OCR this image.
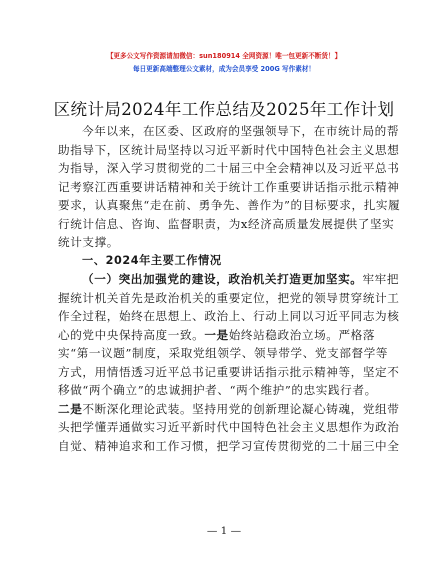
【更多公文写作资源请加微信：sun180914 全网资源！唯一包更新不断货！】
每日更新高端整理公文素材，成为会员享受 200G 写作素材！
区统计局2024年工作总结及2025年工作计划
今年以来，在区委、区政府的坚强领导下，在市统计局的帮
助指导下，区统计局坚持以习近平新时代中国特色社会主义思想
为指导，深入学习贯彻党的二十届三中全会精神以及习近平总书
记考察江西重要讲话精神和关于统计工作重要讲话指示批示精神
要求，认真聚焦“走在前、勇争先、善作为”的目标要求，扎实履
行统计信息、咨询、监督职责，为x经济高质量发展提供了坚实
统计支撑。
一、2024年主要工作情况
（一）突出加强党的建设，政治机关打造更加坚实。牢牢把
握统计机关首先是政治机关的重要定位，把党的领导贯穿统计工
作全过程，始终在思想上、政治上、行动上同以习近平同志为核
心的党中央保持高度一致。一是始终站稳政治立场。严格落
实“第一议题”制度，采取党组领学、领导带学、党支部督学等
方式，用情悟透习近平总书记重要讲话指示批示精神等，坚定不
移做“两个确立”的忠诚拥护者、“两个维护”的忠实践行者。
二是不断深化理论武装。坚持用党的创新理论凝心铸魂，党组带
头把学懂弄通做实习近平新时代中国特色社会主义思想作为政治
自觉、精神追求和工作习惯，把学习宣传贯彻党的二十届三中全
— 1 —
